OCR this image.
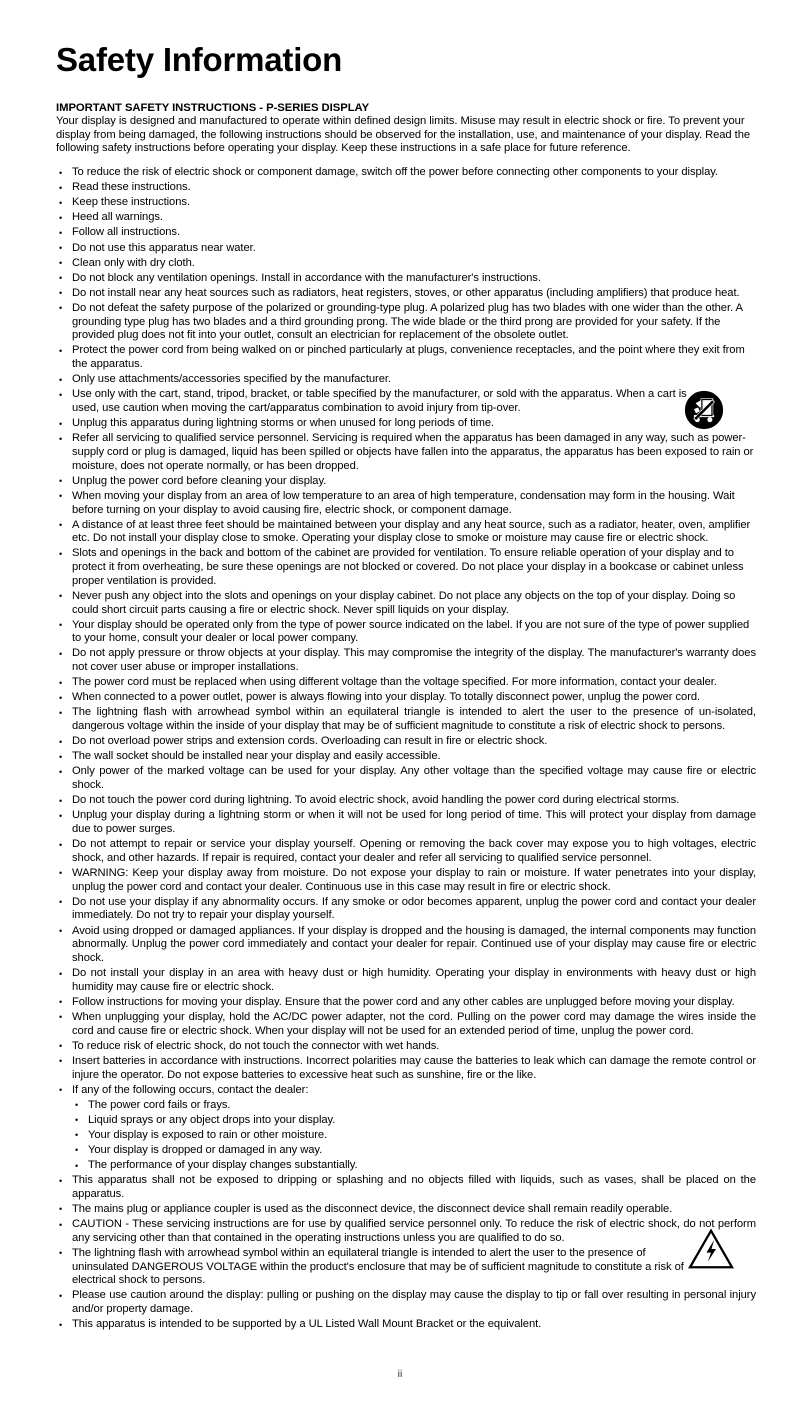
Safety Information
IMPORTANT SAFETY INSTRUCTIONS - P-SERIES DISPLAY

Your display is designed and manufactured to operate within defined design limits. Misuse may result in electric shock or fire. To prevent your display from being damaged, the following instructions should be observed for the installation, use, and maintenance of your display. Read the following safety instructions before operating your display. Keep these instructions in a safe place for future reference.

• To reduce the risk of electric shock or component damage, switch off the power before connecting other components to your display.
• Read these instructions.
• Keep these instructions.
• Heed all warnings.
• Follow all instructions.
• Do not use this apparatus near water.
• Clean only with dry cloth.
• Do not block any ventilation openings. Install in accordance with the manufacturer's instructions.
• Do not install near any heat sources such as radiators, heat registers, stoves, or other apparatus (including amplifiers) that produce heat.
• Do not defeat the safety purpose of the polarized or grounding-type plug. A polarized plug has two blades with one wider than the other. A grounding type plug has two blades and a third grounding prong. The wide blade or the third prong are provided for your safety. If the provided plug does not fit into your outlet, consult an electrician for replacement of the obsolete outlet.
• Protect the power cord from being walked on or pinched particularly at plugs, convenience receptacles, and the point where they exit from the apparatus.
• Only use attachments/accessories specified by the manufacturer.
• Use only with the cart, stand, tripod, bracket, or table specified by the manufacturer, or sold with the apparatus. When a cart is used, use caution when moving the cart/apparatus combination to avoid injury from tip-over.
• Unplug this apparatus during lightning storms or when unused for long periods of time.
• Refer all servicing to qualified service personnel. Servicing is required when the apparatus has been damaged in any way, such as power-supply cord or plug is damaged, liquid has been spilled or objects have fallen into the apparatus, the apparatus has been exposed to rain or moisture, does not operate normally, or has been dropped.
• Unplug the power cord before cleaning your display.
• When moving your display from an area of low temperature to an area of high temperature, condensation may form in the housing. Wait before turning on your display to avoid causing fire, electric shock, or component damage.
• A distance of at least three feet should be maintained between your display and any heat source, such as a radiator, heater, oven, amplifier etc. Do not install your display close to smoke. Operating your display close to smoke or moisture may cause fire or electric shock.
• Slots and openings in the back and bottom of the cabinet are provided for ventilation. To ensure reliable operation of your display and to protect it from overheating, be sure these openings are not blocked or covered. Do not place your display in a bookcase or cabinet unless proper ventilation is provided.
• Never push any object into the slots and openings on your display cabinet. Do not place any objects on the top of your display. Doing so could short circuit parts causing a fire or electric shock. Never spill liquids on your display.
• Your display should be operated only from the type of power source indicated on the label. If you are not sure of the type of power supplied to your home, consult your dealer or local power company.
• Do not apply pressure or throw objects at your display. This may compromise the integrity of the display. The manufacturer's warranty does not cover user abuse or improper installations.
• The power cord must be replaced when using different voltage than the voltage specified. For more information, contact your dealer.
• When connected to a power outlet, power is always flowing into your display. To totally disconnect power, unplug the power cord.
• The lightning flash with arrowhead symbol within an equilateral triangle is intended to alert the user to the presence of un-isolated, dangerous voltage within the inside of your display that may be of sufficient magnitude to constitute a risk of electric shock to persons.
• Do not overload power strips and extension cords. Overloading can result in fire or electric shock.
• The wall socket should be installed near your display and easily accessible.
• Only power of the marked voltage can be used for your display. Any other voltage than the specified voltage may cause fire or electric shock.
• Do not touch the power cord during lightning. To avoid electric shock, avoid handling the power cord during electrical storms.
• Unplug your display during a lightning storm or when it will not be used for long period of time. This will protect your display from damage due to power surges.
• Do not attempt to repair or service your display yourself. Opening or removing the back cover may expose you to high voltages, electric shock, and other hazards. If repair is required, contact your dealer and refer all servicing to qualified service personnel.
• WARNING: Keep your display away from moisture. Do not expose your display to rain or moisture. If water penetrates into your display, unplug the power cord and contact your dealer. Continuous use in this case may result in fire or electric shock.
• Do not use your display if any abnormality occurs. If any smoke or odor becomes apparent, unplug the power cord and contact your dealer immediately. Do not try to repair your display yourself.
• Avoid using dropped or damaged appliances. If your display is dropped and the housing is damaged, the internal components may function abnormally. Unplug the power cord immediately and contact your dealer for repair. Continued use of your display may cause fire or electric shock.
• Do not install your display in an area with heavy dust or high humidity. Operating your display in environments with heavy dust or high humidity may cause fire or electric shock.
• Follow instructions for moving your display. Ensure that the power cord and any other cables are unplugged before moving your display.
• When unplugging your display, hold the AC/DC power adapter, not the cord. Pulling on the power cord may damage the wires inside the cord and cause fire or electric shock. When your display will not be used for an extended period of time, unplug the power cord.
• To reduce risk of electric shock, do not touch the connector with wet hands.
• Insert batteries in accordance with instructions. Incorrect polarities may cause the batteries to leak which can damage the remote control or injure the operator. Do not expose batteries to excessive heat such as sunshine, fire or the like.
• If any of the following occurs, contact the dealer:
• The power cord fails or frays.
• Liquid sprays or any object drops into your display.
• Your display is exposed to rain or other moisture.
• Your display is dropped or damaged in any way.
• The performance of your display changes substantially.
• This apparatus shall not be exposed to dripping or splashing and no objects filled with liquids, such as vases, shall be placed on the apparatus.
• The mains plug or appliance coupler is used as the disconnect device, the disconnect device shall remain readily operable.
• CAUTION - These servicing instructions are for use by qualified service personnel only. To reduce the risk of electric shock, do not perform any servicing other than that contained in the operating instructions unless you are qualified to do so.
• The lightning flash with arrowhead symbol within an equilateral triangle is intended to alert the user to the presence of uninsulated DANGEROUS VOLTAGE within the product's enclosure that may be of sufficient magnitude to constitute a risk of electrical shock to persons.
• Please use caution around the display: pulling or pushing on the display may cause the display to tip or fall over resulting in personal injury and/or property damage.
• This apparatus is intended to be supported by a UL Listed Wall Mount Bracket or the equivalent.
ii
